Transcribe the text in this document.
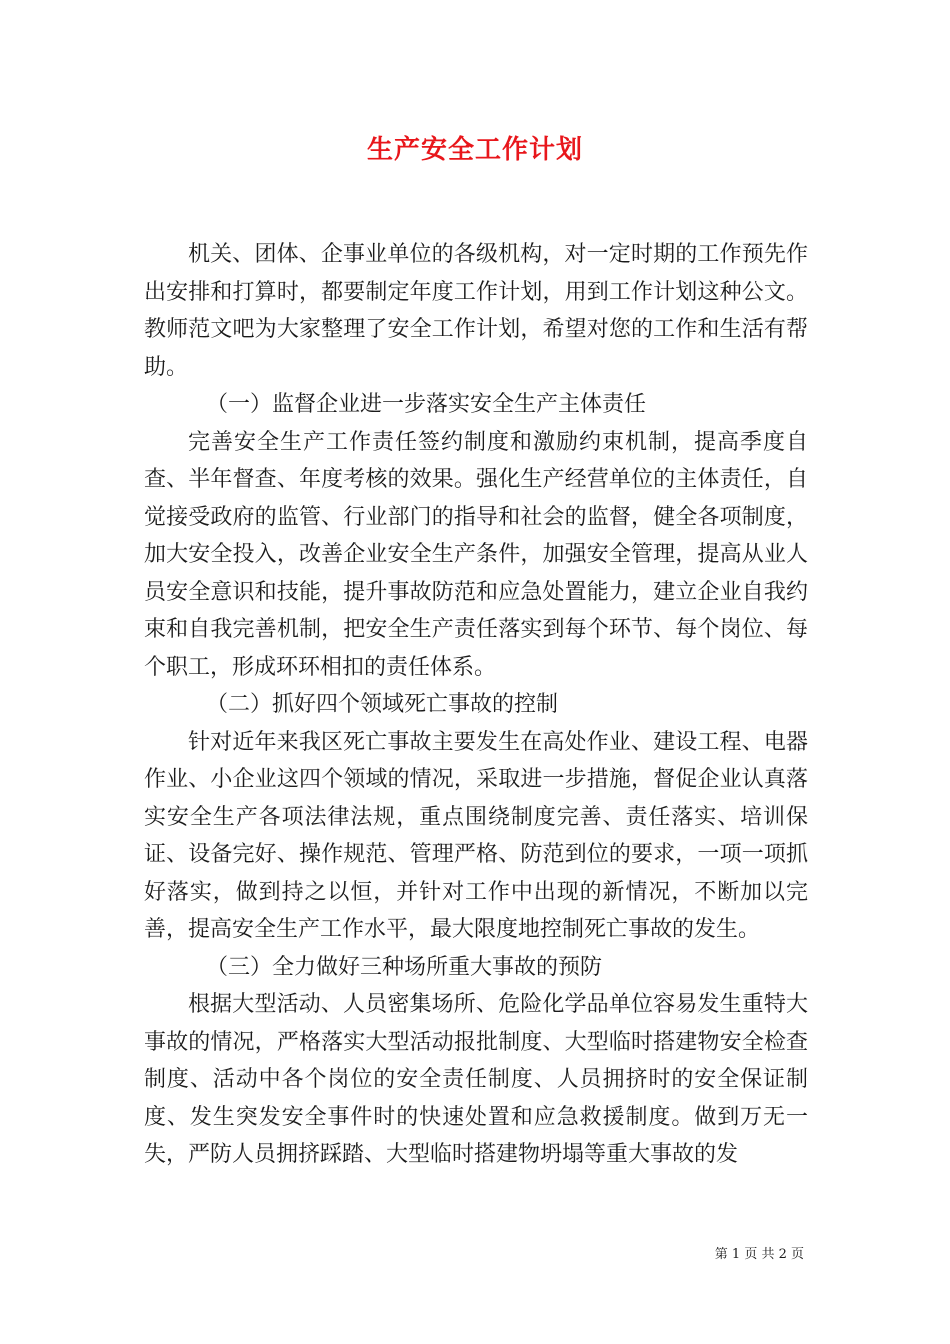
生产安全工作计划

机关、团体、企事业单位的各级机构，对一定时期的工作预先作出安排和打算时，都要制定年度工作计划，用到工作计划这种公文。教师范文吧为大家整理了安全工作计划，希望对您的工作和生活有帮助。

（一）监督企业进一步落实安全生产主体责任

完善安全生产工作责任签约制度和激励约束机制，提高季度自查、半年督查、年度考核的效果。强化生产经营单位的主体责任，自觉接受政府的监管、行业部门的指导和社会的监督，健全各项制度，加大安全投入，改善企业安全生产条件，加强安全管理，提高从业人员安全意识和技能，提升事故防范和应急处置能力，建立企业自我约束和自我完善机制，把安全生产责任落实到每个环节、每个岗位、每个职工，形成环环相扣的责任体系。

（二）抓好四个领域死亡事故的控制

针对近年来我区死亡事故主要发生在高处作业、建设工程、电器作业、小企业这四个领域的情况，采取进一步措施，督促企业认真落实安全生产各项法律法规，重点围绕制度完善、责任落实、培训保证、设备完好、操作规范、管理严格、防范到位的要求，一项一项抓好落实，做到持之以恒，并针对工作中出现的新情况，不断加以完善，提高安全生产工作水平，最大限度地控制死亡事故的发生。

（三）全力做好三种场所重大事故的预防

根据大型活动、人员密集场所、危险化学品单位容易发生重特大事故的情况，严格落实大型活动报批制度、大型临时搭建物安全检查制度、活动中各个岗位的安全责任制度、人员拥挤时的安全保证制度、发生突发安全事件时的快速处置和应急救援制度。做到万无一失，严防人员拥挤踩踏、大型临时搭建物坍塌等重大事故的发

第 1 页 共 2 页
